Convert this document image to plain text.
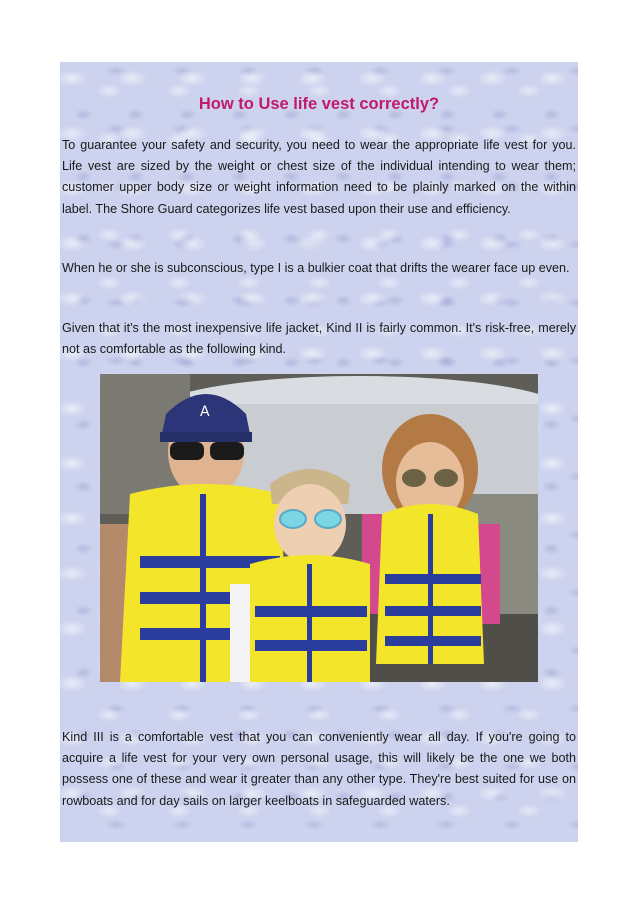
How to Use life vest correctly?

To guarantee your safety and security, you need to wear the appropriate life vest for you. Life vest are sized by the weight or chest size of the individual intending to wear them; customer upper body size or weight information need to be plainly marked on the within label. The Shore Guard categorizes life vest based upon their use and efficiency.

When he or she is subconscious, type I is a bulkier coat that drifts the wearer face up even.

Given that it's the most inexpensive life jacket, Kind II is fairly common. It's risk-free, merely not as comfortable as the following kind.

A

Kind III is a comfortable vest that you can conveniently wear all day. If you're going to acquire a life vest for your very own personal usage, this will likely be the one we both possess one of these and wear it greater than any other type. They're best suited for use on rowboats and for day sails on larger keelboats in safeguarded waters.
